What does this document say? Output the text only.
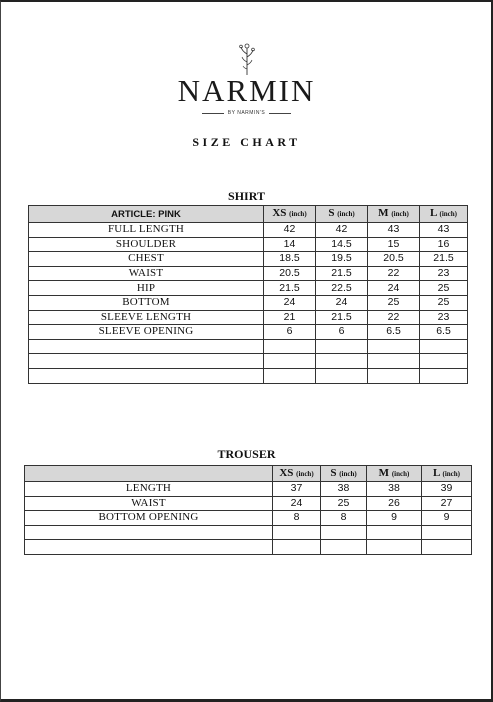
NARMIN
BY NARMIN'S
SIZE CHART
SHIRT
ARTICLE: PINK	XS (inch)	S (inch)	M (inch)	L (inch)
FULL LENGTH	42	42	43	43
SHOULDER	14	14.5	15	16
CHEST	18.5	19.5	20.5	21.5
WAIST	20.5	21.5	22	23
HIP	21.5	22.5	24	25
BOTTOM	24	24	25	25
SLEEVE LENGTH	21	21.5	22	23
SLEEVE OPENING	6	6	6.5	6.5

TROUSER
	XS (inch)	S (inch)	M (inch)	L (inch)
LENGTH	37	38	38	39
WAIST	24	25	26	27
BOTTOM OPENING	8	8	9	9
